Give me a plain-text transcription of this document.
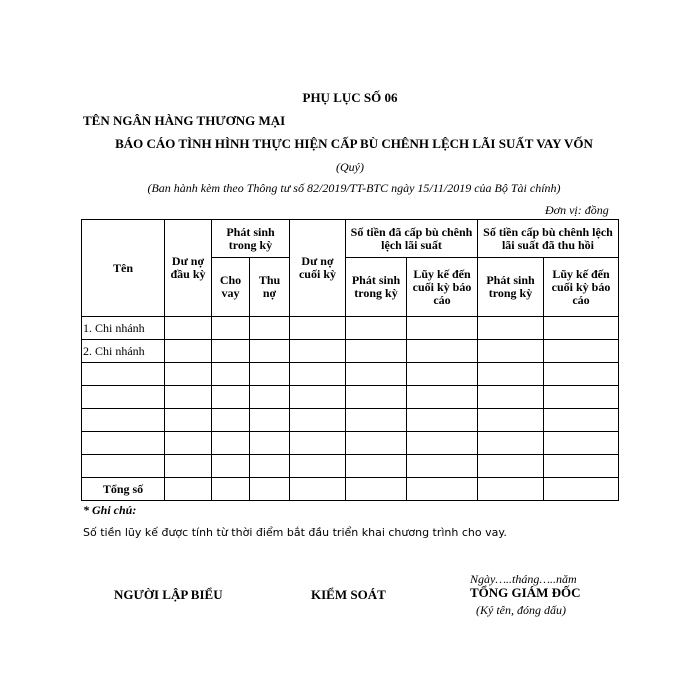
PHỤ LỤC SỐ 06
TÊN NGÂN HÀNG THƯƠNG MẠI
BÁO CÁO TÌNH HÌNH THỰC HIỆN CẤP BÙ CHÊNH LỆCH LÃI SUẤT VAY VỐN
(Quý)
(Ban hành kèm theo Thông tư số 82/2019/TT-BTC ngày 15/11/2019 của Bộ Tài chính)
Đơn vị: đồng
Tên	Dư nợ đầu kỳ	Phát sinh trong kỳ		Dư nợ cuối kỳ	Số tiền đã cấp bù chênh lệch lãi suất		Số tiền cấp bù chênh lệch lãi suất đã thu hồi	
		Cho vay	Thu nợ		Phát sinh trong kỳ	Lũy kế đến cuối kỳ báo cáo	Phát sinh trong kỳ	Lũy kế đến cuối kỳ báo cáo
1. Chi nhánh								
2. Chi nhánh								

Tổng số								
* Ghi chú:
Số tiền lũy kế được tính từ thời điểm bắt đầu triển khai chương trình cho vay.
Ngày…..tháng…..năm
NGƯỜI LẬP BIỂU	KIỂM SOÁT	TỔNG GIÁM ĐỐC
(Ký tên, đóng dấu)
